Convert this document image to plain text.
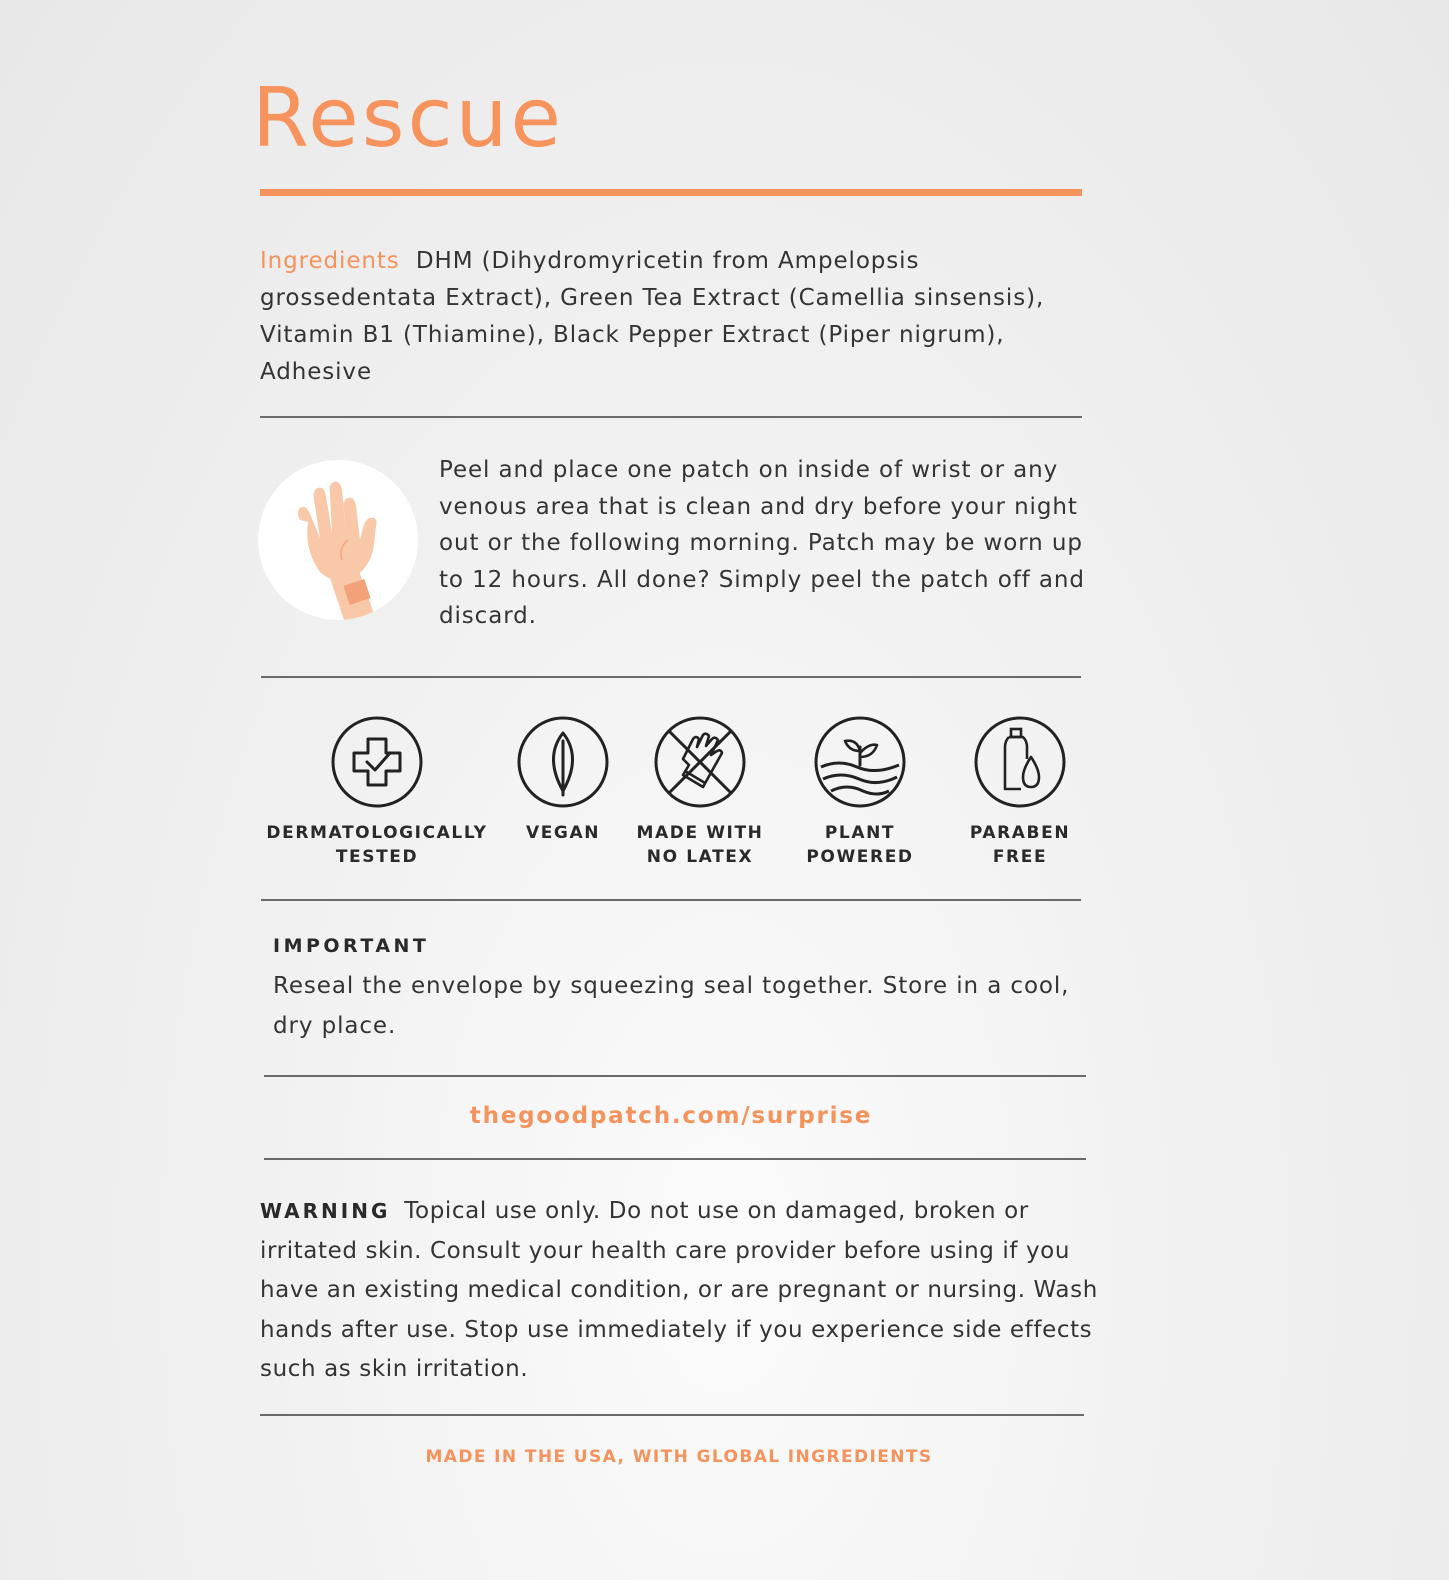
Rescue
Ingredients DHM (Dihydromyricetin from Ampelopsis grossedentata Extract), Green Tea Extract (Camellia sinsensis), Vitamin B1 (Thiamine), Black Pepper Extract (Piper nigrum), Adhesive
Peel and place one patch on inside of wrist or any venous area that is clean and dry before your night out or the following morning. Patch may be worn up to 12 hours. All done? Simply peel the patch off and discard.
DERMATOLOGICALLY
TESTED
VEGAN	MADE WITH
NO LATEX
PLANT
POWERED
PARABEN
FREE
IMPORTANT
Reseal the envelope by squeezing seal together. Store in a cool, dry place.
thegoodpatch.com/surprise
WARNING Topical use only. Do not use on damaged, broken or irritated skin. Consult your health care provider before using if you have an existing medical condition, or are pregnant or nursing. Wash hands after use. Stop use immediately if you experience side effects such as skin irritation.
MADE IN THE USA, WITH GLOBAL INGREDIENTS
